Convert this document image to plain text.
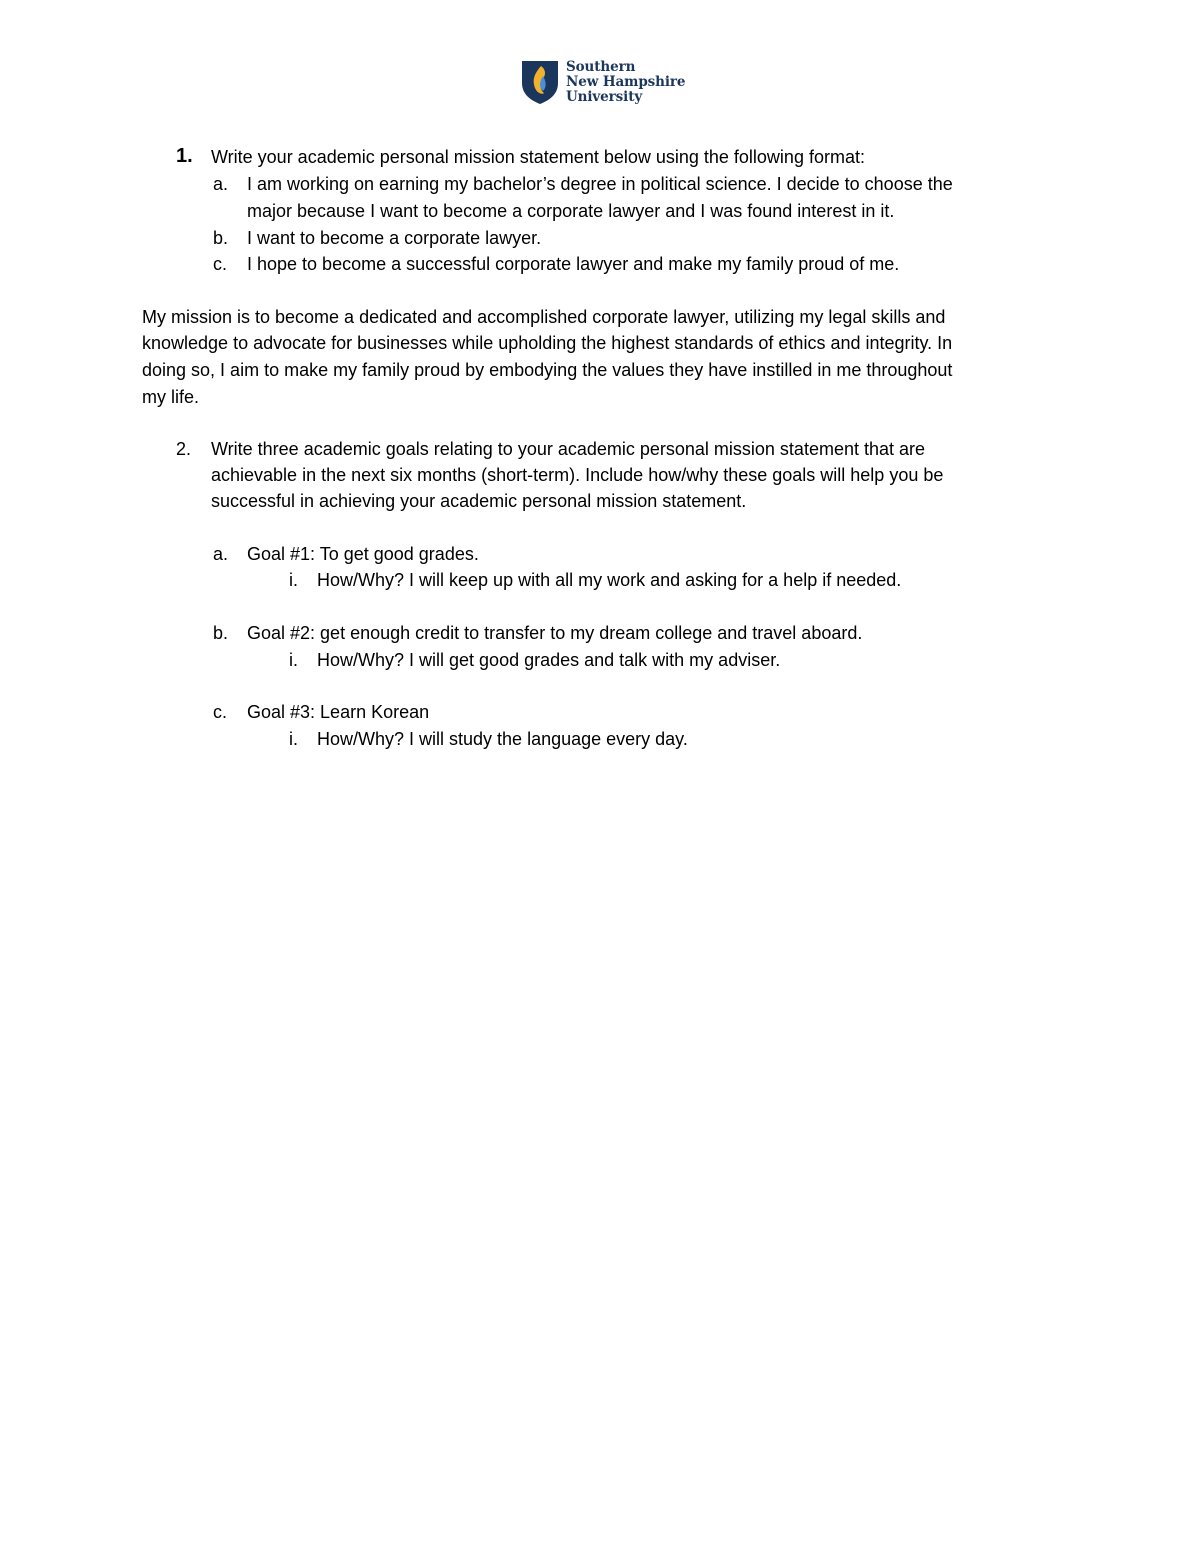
Southern
New Hampshire
University
1. Write your academic personal mission statement below using the following format:
a. I am working on earning my bachelor’s degree in political science. I decide to choose the
major because I want to become a corporate lawyer and I was found interest in it.
b. I want to become a corporate lawyer.
c. I hope to become a successful corporate lawyer and make my family proud of me.
My mission is to become a dedicated and accomplished corporate lawyer, utilizing my legal skills and
knowledge to advocate for businesses while upholding the highest standards of ethics and integrity. In
doing so, I aim to make my family proud by embodying the values they have instilled in me throughout
my life.
2. Write three academic goals relating to your academic personal mission statement that are
achievable in the next six months (short-term). Include how/why these goals will help you be
successful in achieving your academic personal mission statement.
a. Goal #1: To get good grades.
i. How/Why? I will keep up with all my work and asking for a help if needed.
b. Goal #2: get enough credit to transfer to my dream college and travel aboard.
i. How/Why? I will get good grades and talk with my adviser.
c. Goal #3: Learn Korean
i. How/Why? I will study the language every day.
